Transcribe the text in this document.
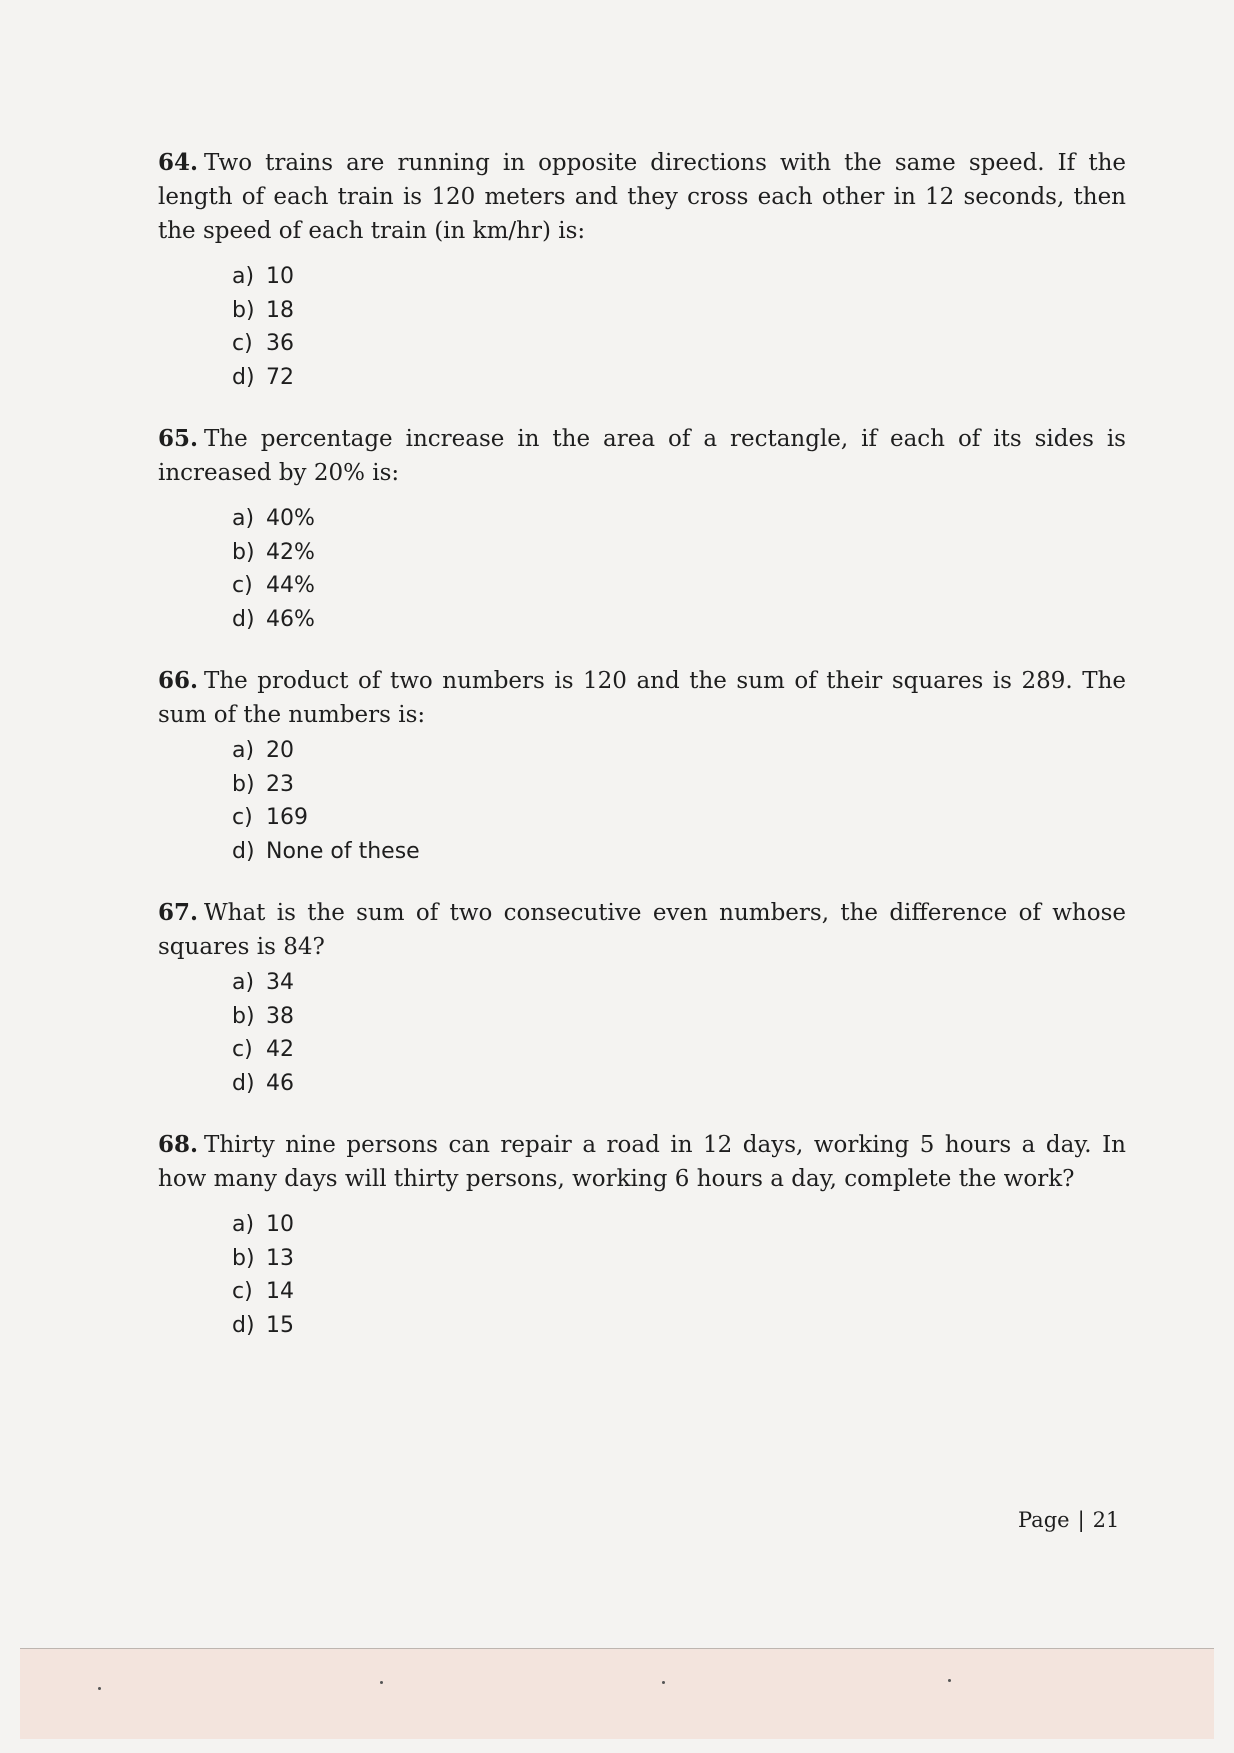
64. Two trains are running in opposite directions with the same speed. If the length of each train is 120 meters and they cross each other in 12 seconds, then the speed of each train (in km/hr) is:

a) 10
b) 18
c) 36
d) 72

65. The percentage increase in the area of a rectangle, if each of its sides is increased by 20% is:

a) 40%
b) 42%
c) 44%
d) 46%

66. The product of two numbers is 120 and the sum of their squares is 289. The sum of the numbers is:

a) 20
b) 23
c) 169
d) None of these

67. What is the sum of two consecutive even numbers, the difference of whose squares is 84?

a) 34
b) 38
c) 42
d) 46

68. Thirty nine persons can repair a road in 12 days, working 5 hours a day. In how many days will thirty persons, working 6 hours a day, complete the work?

a) 10
b) 13
c) 14
d) 15
Page | 21
